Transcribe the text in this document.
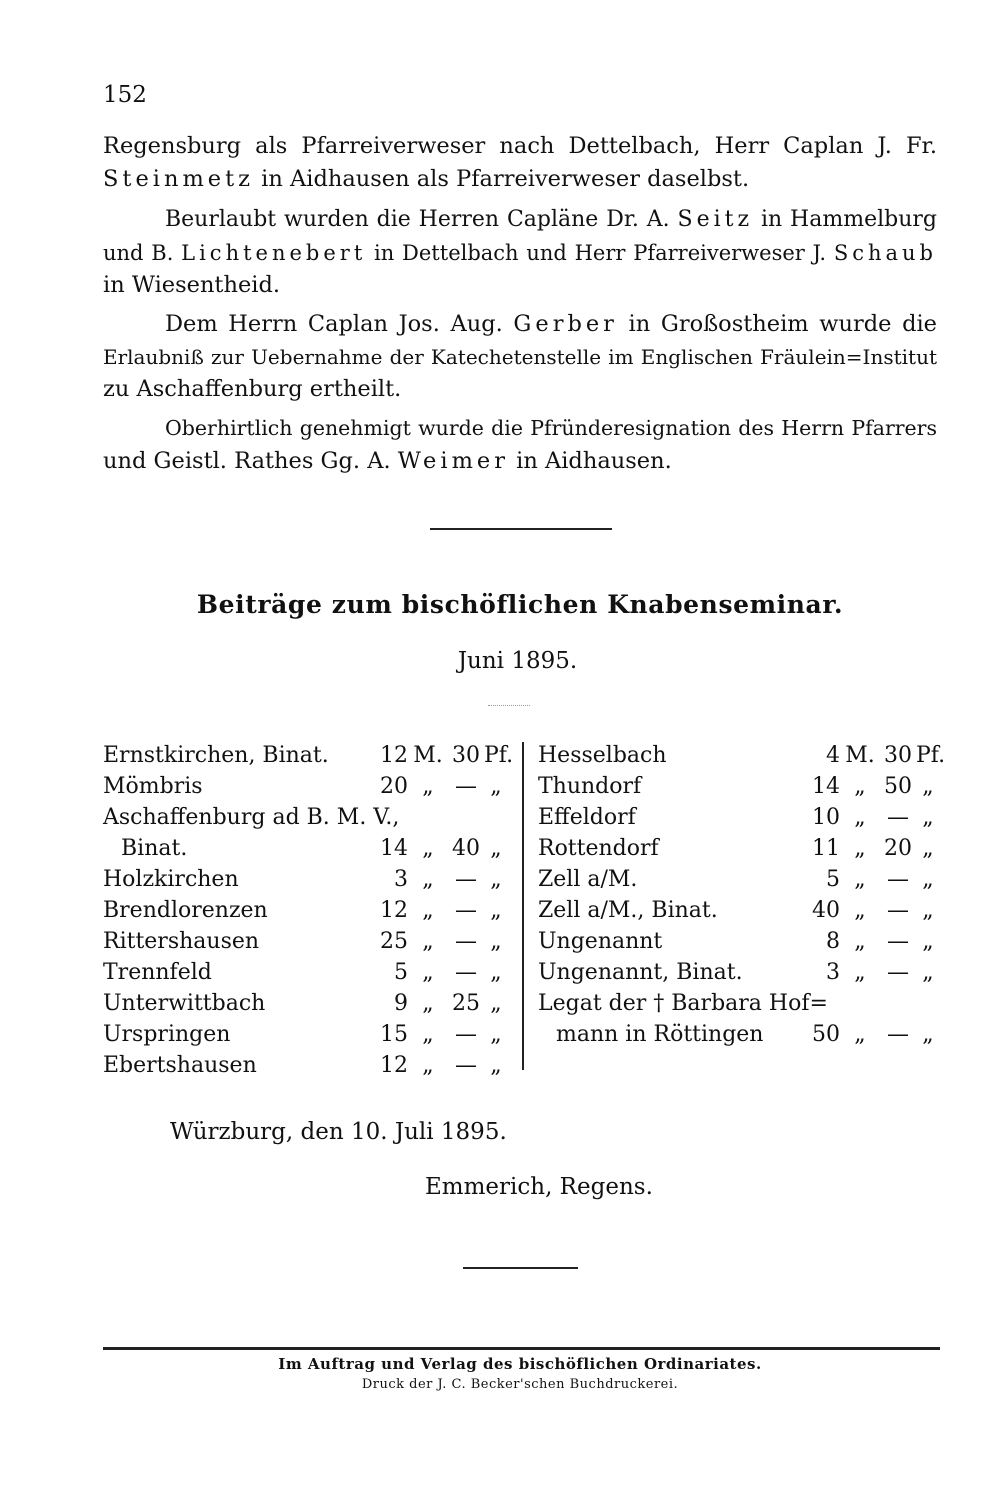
152
Regensburg als Pfarreiverweser nach Dettelbach, Herr Caplan J. Fr.
Steinmetz in Aidhausen als Pfarreiverweser daselbst.
Beurlaubt wurden die Herren Capläne Dr. A. Seitz in Hammelburg
und B. Lichtenebert in Dettelbach und Herr Pfarreiverweser J. Schaub
in Wiesentheid.
Dem Herrn Caplan Jos. Aug. Gerber in Großostheim wurde die
Erlaubniß zur Uebernahme der Katechetenstelle im Englischen Fräulein=Institut
zu Aschaffenburg ertheilt.
Oberhirtlich genehmigt wurde die Pfründeresignation des Herrn Pfarrers
und Geistl. Rathes Gg. A. Weimer in Aidhausen.
Beiträge zum bischöflichen Knabenseminar.
Juni 1895.
Ernstkirchen, Binat. 12 M. 30 Pf.
Mömbris	20 „ — „
Aschaffenburg ad B. M. V.,
Binat.	14 „ 40 „
Holzkirchen	3 „ — „
Brendlorenzen	12 „ — „
Rittershausen	25 „ — „
Trennfeld	5 „ — „
Unterwittbach	9 „ 25 „
Urspringen	15 „ — „
Ebertshausen	12 „ — „
Hesselbach	4 M. 30 Pf.
Thundorf	14 „ 50 „
Effeldorf	10 „ — „
Rottendorf	11 „ 20 „
Zell a/M.	5 „ — „
Zell a/M., Binat.	40 „ — „
Ungenannt	8 „ — „
Ungenannt, Binat.	3 „ — „
Legat der † Barbara Hof=
mann in Röttingen 50 „ — „
Würzburg, den 10. Juli 1895.
Emmerich, Regens.
Im Auftrag und Verlag des bischöflichen Ordinariates.
Druck der J. C. Becker'schen Buchdruckerei.
